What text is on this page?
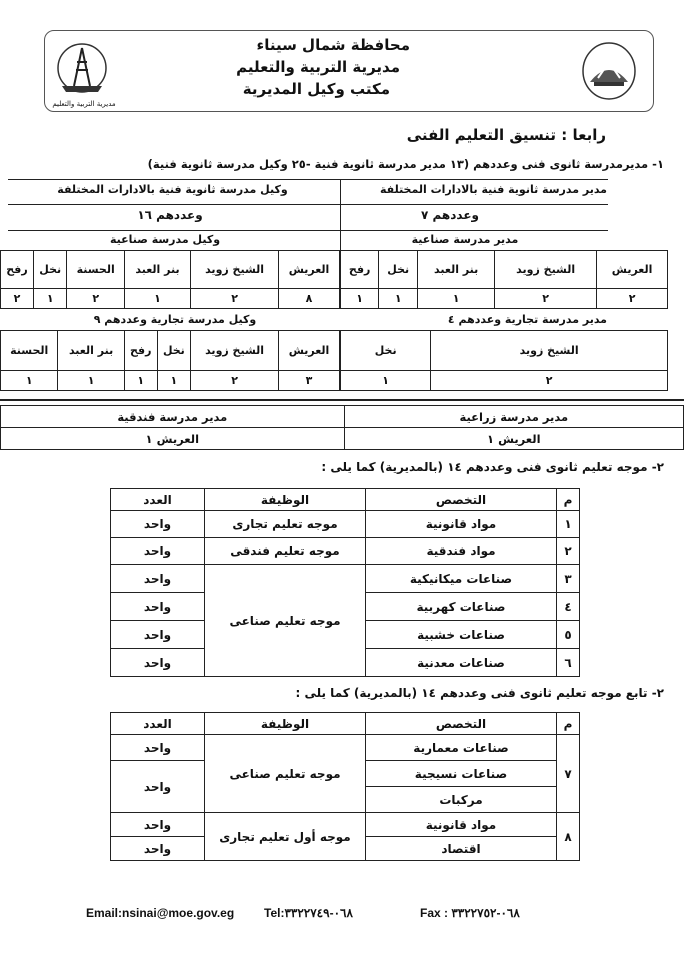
مديرية التربية والتعليم
محافظة شمال سيناء
مديرية التربية والتعليم
مكتب وكيل المديرية
رابعا : تنسيق التعليم الفنى
١- مديرمدرسة ثانوى فنى وعددهم (١٣ مدير مدرسة ثانوية فنية -٢٥ وكيل مدرسة ثانوية فنية)
مدير مدرسة ثانوية فنية بالادارات المختلفة
وكيل مدرسة ثانوية فنية بالادارات المختلفة
وعددهم ٧
وعددهم ١٦
مدير مدرسة صناعية
وكيل مدرسة صناعية
العريش	الشيخ زويد	بنر العبد	نخل	رفح
٢	٢	١	١	١
العريش	الشيخ زويد	بنر العبد	الحسنة	نخل	رفح
٨	٢	١	٢	١	٢
مدير مدرسة تجارية وعددهم ٤
وكيل مدرسة تجارية وعددهم ٩
الشيخ زويد	نخل
٢	١
العريش	الشيخ زويد	نخل	رفح	بنر العبد	الحسنة
٣	٢	١	١	١	١
مدير مدرسة زراعية	مدير مدرسة فندقية
العريش ١	العريش ١
٢- موجه تعليم ثانوى فنى وعددهم ١٤ (بالمديرية) كما يلى :
م	التخصص	الوظيفة	العدد
١	مواد قانونية	موجه تعليم تجارى	واحد
٢	مواد فندقية	موجه تعليم فندقى	واحد
٣	صناعات ميكانيكية	موجه تعليم صناعى	واحد
٤	صناعات كهربية		واحد
٥	صناعات خشبية		واحد
٦	صناعات معدنية		واحد
٢- تابع موجه تعليم ثانوى فنى وعددهم ١٤ (بالمديرية) كما يلى :
م	التخصص	الوظيفة	العدد
٧	صناعات معمارية	موجه تعليم صناعى	واحد
	صناعات نسيجية		واحد
	مركبات		
٨	مواد قانونية	موجه أول تعليم تجارى	واحد
	اقتصاد		واحد
Email:nsinai@moe.gov.eg Tel:٠٦٨-٣٣٢٢٧٤٩	Fax : ٠٦٨-٣٣٢٢٧٥٢
